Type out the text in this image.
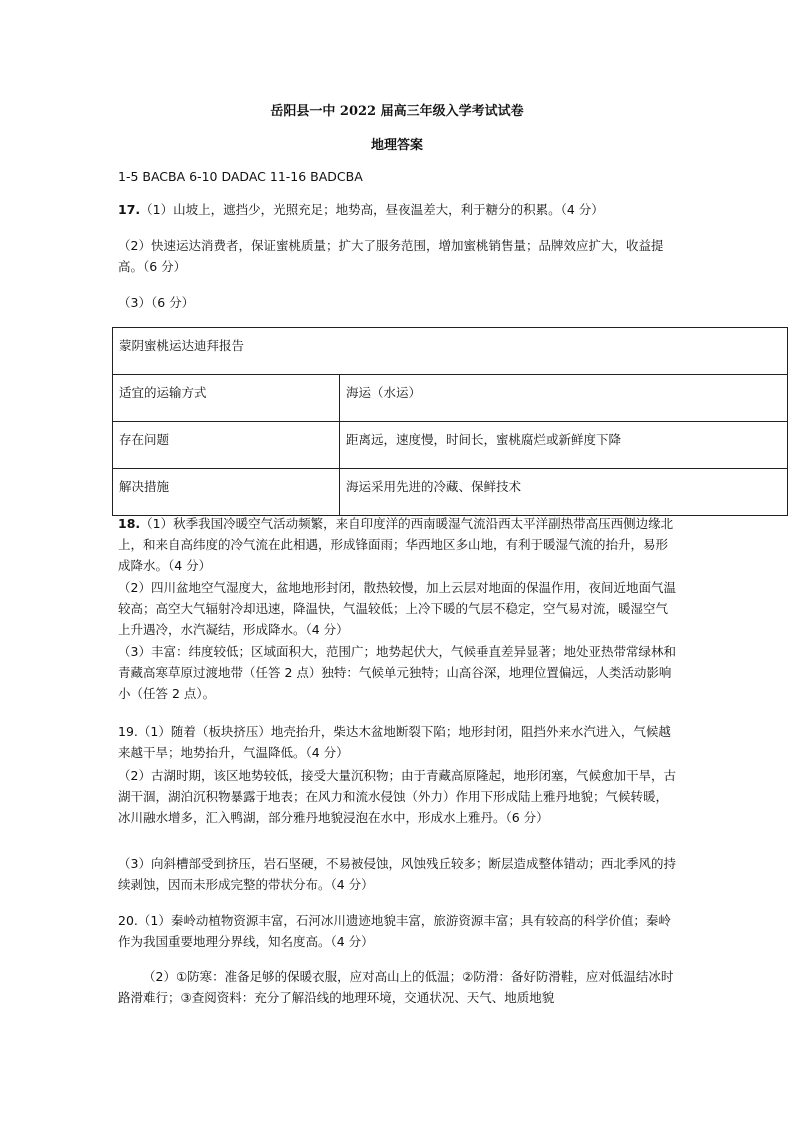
岳阳县一中 2022 届高三年级入学考试试卷
地理答案
1-5 BACBA 6-10 DADAC 11-16 BADCBA
17.（1）山坡上，遮挡少，光照充足；地势高，昼夜温差大，利于糖分的积累。（4 分）
（2）快速运达消费者，保证蜜桃质量；扩大了服务范围，增加蜜桃销售量；品牌效应扩大，收益提高。（6 分）
（3）（6 分）
蒙阴蜜桃运达迪拜报告	
适宜的运输方式	海运（水运）
存在问题	距离远，速度慢，时间长，蜜桃腐烂或新鲜度下降
解决措施	海运采用先进的冷藏、保鲜技术
18.（1）秋季我国冷暖空气活动频繁，来自印度洋的西南暖湿气流沿西太平洋副热带高压西侧边缘北上，和来自高纬度的冷气流在此相遇，形成锋面雨；华西地区多山地，有利于暖湿气流的抬升，易形成降水。（4 分）
（2）四川盆地空气湿度大，盆地地形封闭，散热较慢，加上云层对地面的保温作用，夜间近地面气温较高；高空大气辐射冷却迅速，降温快，气温较低；上冷下暖的气层不稳定，空气易对流，暖湿空气上升遇冷，水汽凝结，形成降水。（4 分）
（3）丰富：纬度较低；区域面积大，范围广；地势起伏大，气候垂直差异显著；地处亚热带常绿林和青藏高寒草原过渡地带（任答 2 点）独特：气候单元独特；山高谷深，地理位置偏远，人类活动影响小（任答 2 点）。
19.（1）随着（板块挤压）地壳抬升，柴达木盆地断裂下陷；地形封闭，阻挡外来水汽进入，气候越来越干旱；地势抬升，气温降低。（4 分）
（2）古湖时期，该区地势较低，接受大量沉积物；由于青藏高原隆起，地形闭塞，气候愈加干旱，古湖干涸，湖泊沉积物暴露于地表；在风力和流水侵蚀（外力）作用下形成陆上雅丹地貌；气候转暖，冰川融水增多，汇入鸭湖，部分雅丹地貌浸泡在水中，形成水上雅丹。（6 分）
（3）向斜槽部受到挤压，岩石坚硬，不易被侵蚀，风蚀残丘较多；断层造成整体错动；西北季风的持续剥蚀，因而未形成完整的带状分布。（4 分）
20.（1）秦岭动植物资源丰富，石河冰川遗迹地貌丰富，旅游资源丰富；具有较高的科学价值；秦岭作为我国重要地理分界线，知名度高。（4 分）
（2）①防寒：准备足够的保暖衣服，应对高山上的低温；②防滑：备好防滑鞋，应对低温结冰时路滑难行；③查阅资料：充分了解沿线的地理环境，交通状况、天气、地质地貌
